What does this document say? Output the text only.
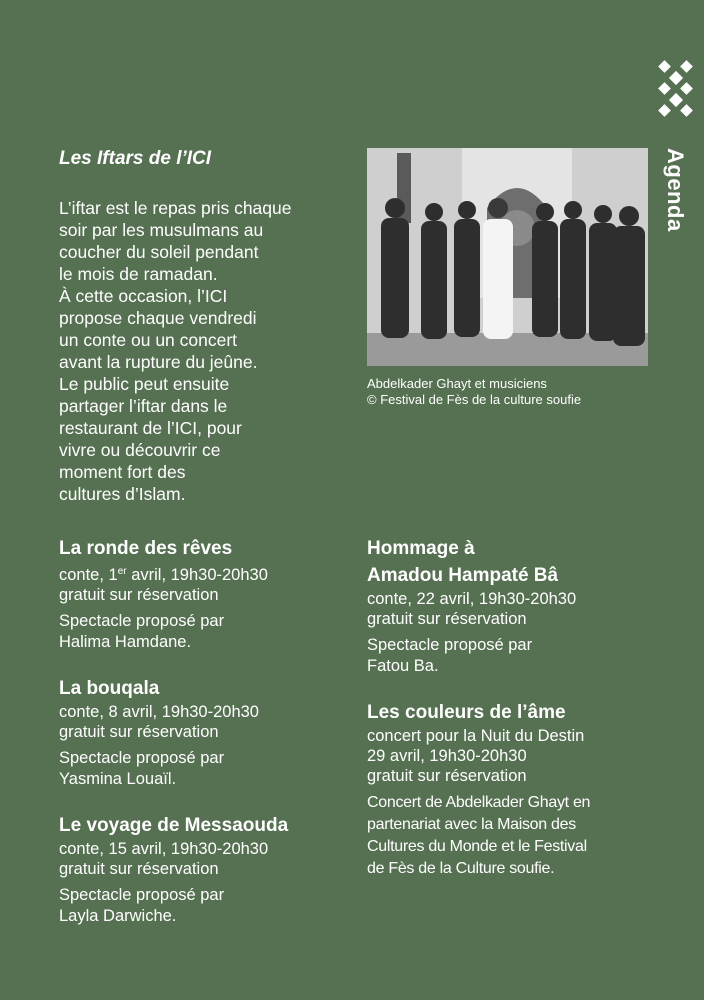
Agenda
Les Iftars de l’ICI

L’iftar est le repas pris chaque
soir par les musulmans au
coucher du soleil pendant
le mois de ramadan.
À cette occasion, l’ICI
propose chaque vendredi
un conte ou un concert
avant la rupture du jeûne.
Le public peut ensuite
partager l’iftar dans le
restaurant de l’ICI, pour
vivre ou découvrir ce
moment fort des
cultures d’Islam.

Abdelkader Ghayt et musiciens
© Festival de Fès de la culture soufie

La ronde des rêves

conte, 1er avril, 19h30-20h30
gratuit sur réservation

Spectacle proposé par
Halima Hamdane.

La bouqala

conte, 8 avril, 19h30-20h30
gratuit sur réservation

Spectacle proposé par
Yasmina Louaïl.

Le voyage de Messaouda

conte, 15 avril, 19h30-20h30
gratuit sur réservation

Spectacle proposé par
Layla Darwiche.

Hommage à
Amadou Hampaté Bâ

conte, 22 avril, 19h30-20h30
gratuit sur réservation

Spectacle proposé par
Fatou Ba.

Les couleurs de l’âme

concert pour la Nuit du Destin
29 avril, 19h30-20h30
gratuit sur réservation

Concert de Abdelkader Ghayt en
partenariat avec la Maison des
Cultures du Monde et le Festival
de Fès de la Culture soufie.
